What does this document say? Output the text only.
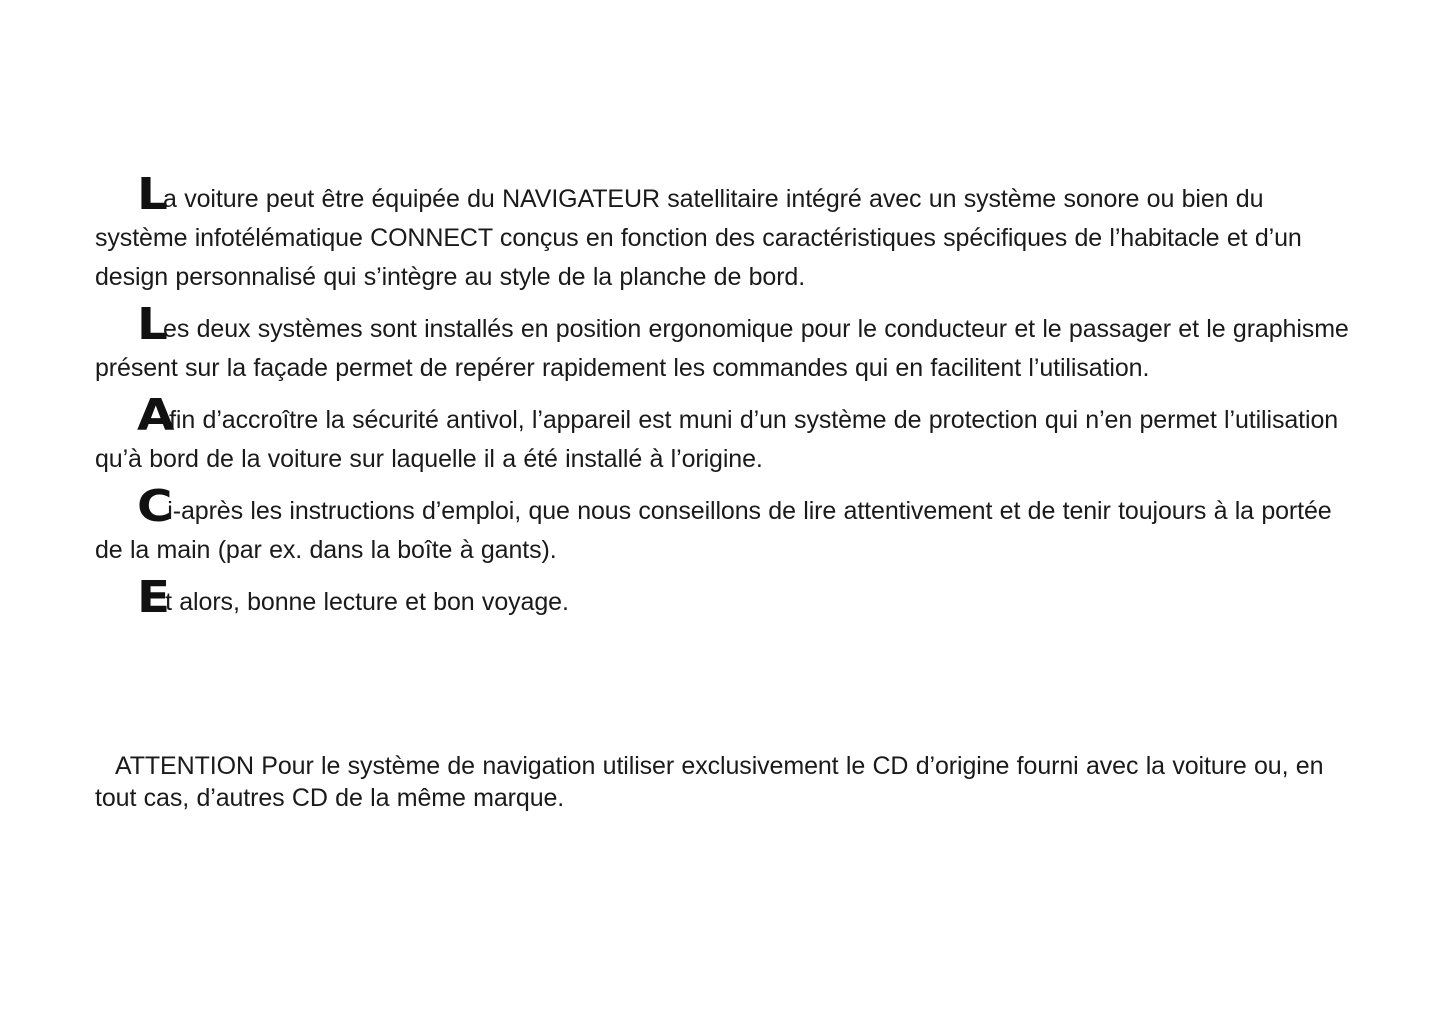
La voiture peut être équipée du NAVIGATEUR satellitaire intégré avec un système sonore ou bien du système infotélématique CONNECT conçus en fonction des caractéristiques spécifiques de l’habitacle et d’un design personnalisé qui s’intègre au style de la planche de bord.

Les deux systèmes sont installés en position ergonomique pour le conducteur et le passager et le graphisme présent sur la façade permet de repérer rapidement les commandes qui en facilitent l’utilisation.

Afin d’accroître la sécurité antivol, l’appareil est muni d’un système de protection qui n’en permet l’utilisation qu’à bord de la voiture sur laquelle il a été installé à l’origine.

Ci-après les instructions d’emploi, que nous conseillons de lire attentivement et de tenir toujours à la portée de la main (par ex. dans la boîte à gants).

Et alors, bonne lecture et bon voyage.

ATTENTION Pour le système de navigation utiliser exclusivement le CD d’origine fourni avec la voiture ou, en tout cas, d’autres CD de la même marque.
